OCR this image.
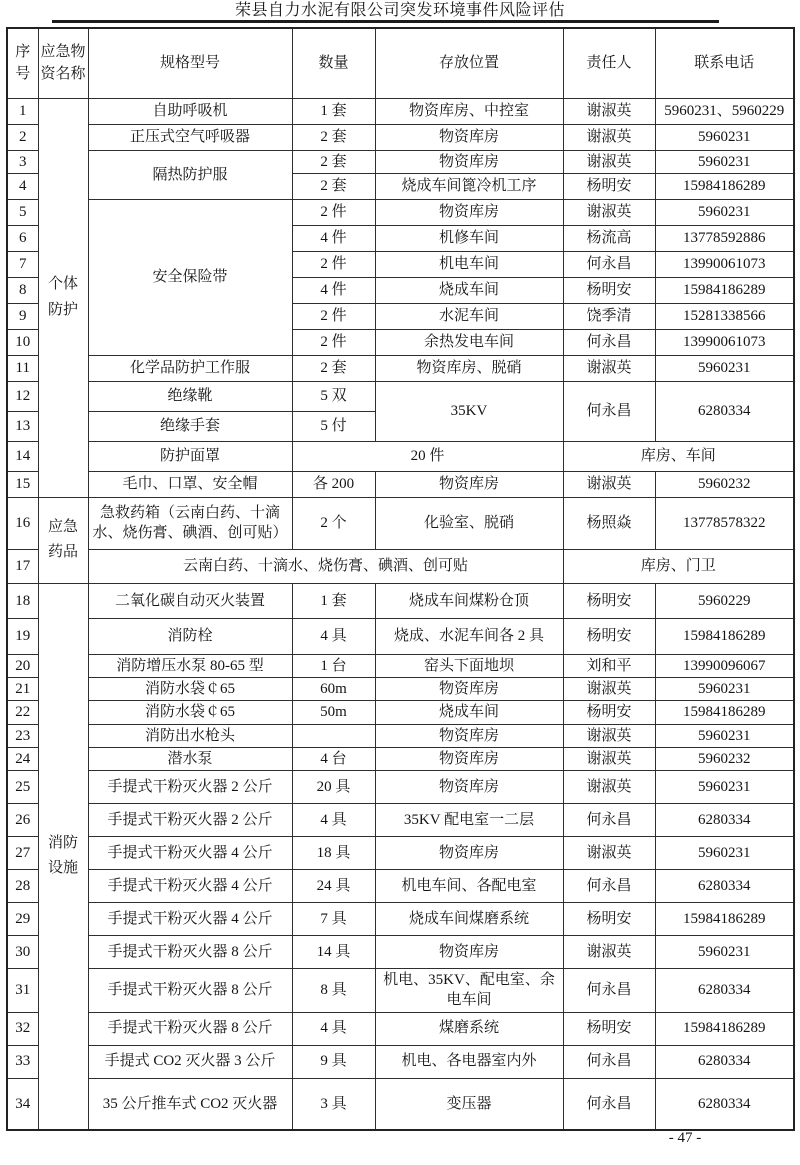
荣县自力水泥有限公司突发环境事件风险评估
序号	应急物资名称	规格型号	数量	存放位置	责任人	联系电话
1	个体防护	自助呼吸机	1 套	物资库房、中控室	谢淑英	5960231、5960229
2		正压式空气呼吸器	2 套	物资库房	谢淑英	5960231
3		隔热防护服	2 套	物资库房	谢淑英	5960231
4			2 套	烧成车间篦冷机工序	杨明安	15984186289
5		安全保险带	2 件	物资库房	谢淑英	5960231
6			4 件	机修车间	杨流高	13778592886
7			2 件	机电车间	何永昌	13990061073
8			4 件	烧成车间	杨明安	15984186289
9			2 件	水泥车间	饶季清	15281338566
10			2 件	余热发电车间	何永昌	13990061073
11		化学品防护工作服	2 套	物资库房、脱硝	谢淑英	5960231
12		绝缘靴	5 双	35KV	何永昌	6280334
13		绝缘手套	5 付			
14		防护面罩	20 件		库房、车间	
15		毛巾、口罩、安全帽	各 200	物资库房	谢淑英	5960232
16	应急药品	急救药箱（云南白药、十滴水、烧伤膏、碘酒、创可贴）	2 个	化验室、脱硝	杨照焱	13778578322
17		云南白药、十滴水、烧伤膏、碘酒、创可贴			库房、门卫	
18	消防设施	二氧化碳自动灭火装置	1 套	烧成车间煤粉仓顶	杨明安	5960229
19		消防栓	4 具	烧成、水泥车间各 2 具	杨明安	15984186289
20		消防增压水泵 80-65 型	1 台	窑头下面地坝	刘和平	13990096067
21		消防水袋￠65	60m	物资库房	谢淑英	5960231
22		消防水袋￠65	50m	烧成车间	杨明安	15984186289
23		消防出水枪头		物资库房	谢淑英	5960231
24		潜水泵	4 台	物资库房	谢淑英	5960232
25		手提式干粉灭火器 2 公斤	20 具	物资库房	谢淑英	5960231
26		手提式干粉灭火器 2 公斤	4 具	35KV 配电室一二层	何永昌	6280334
27		手提式干粉灭火器 4 公斤	18 具	物资库房	谢淑英	5960231
28		手提式干粉灭火器 4 公斤	24 具	机电车间、各配电室	何永昌	6280334
29		手提式干粉灭火器 4 公斤	7 具	烧成车间煤磨系统	杨明安	15984186289
30		手提式干粉灭火器 8 公斤	14 具	物资库房	谢淑英	5960231
31		手提式干粉灭火器 8 公斤	8 具	机电、35KV、配电室、余电车间	何永昌	6280334
32		手提式干粉灭火器 8 公斤	4 具	煤磨系统	杨明安	15984186289
33		手提式 CO2 灭火器 3 公斤	9 具	机电、各电器室内外	何永昌	6280334
34		35 公斤推车式 CO2 灭火器	3 具	变压器	何永昌	6280334
- 47 -
